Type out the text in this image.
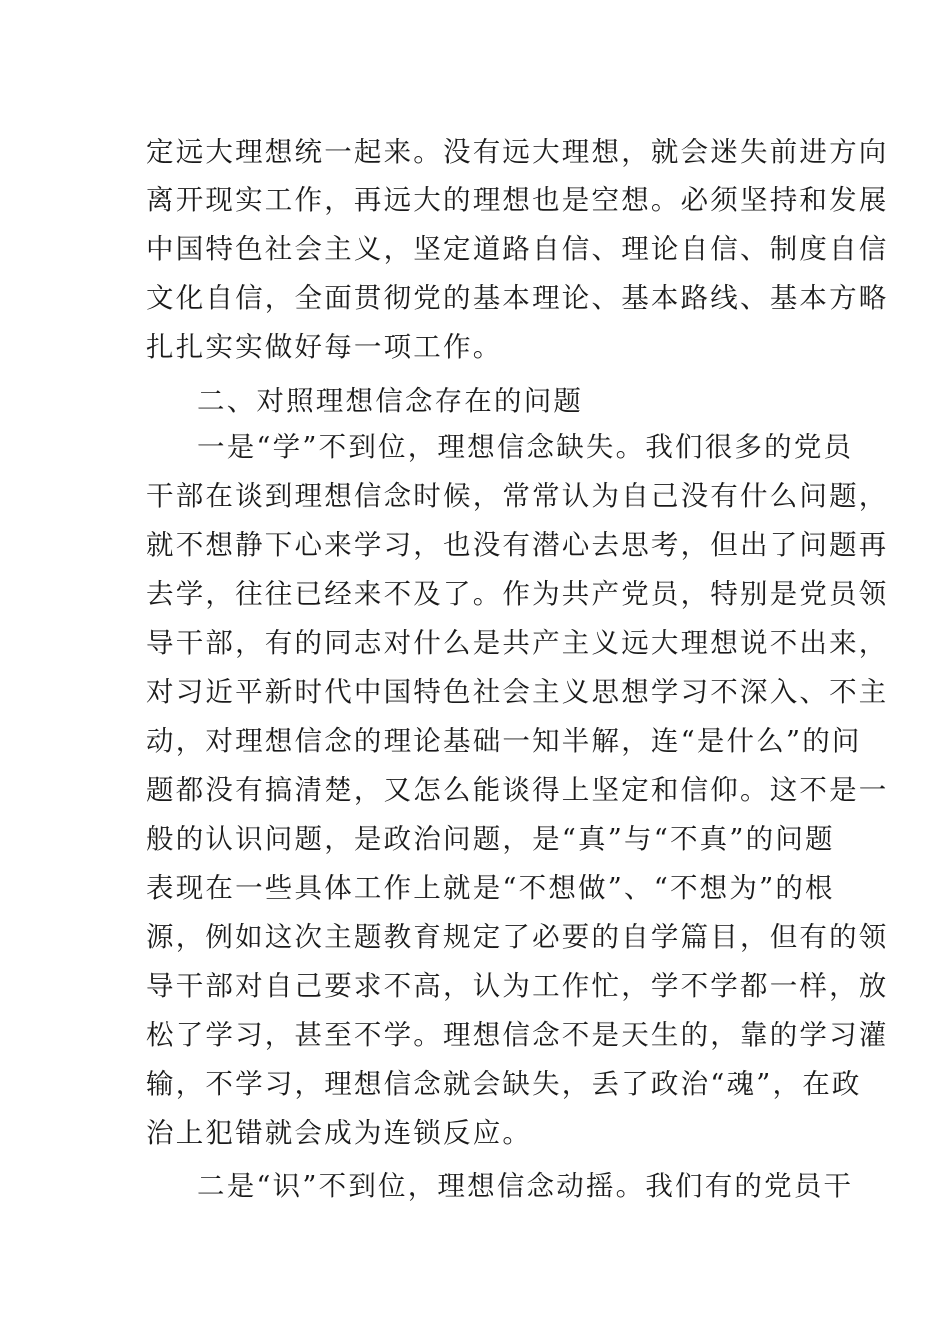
定远大理想统一起来。没有远大理想，就会迷失前进方向
离开现实工作，再远大的理想也是空想。必须坚持和发展
中国特色社会主义，坚定道路自信、理论自信、制度自信
文化自信，全面贯彻党的基本理论、基本路线、基本方略
扎扎实实做好每一项工作。
二、对照理想信念存在的问题
一是“学”不到位，理想信念缺失。我们很多的党员
干部在谈到理想信念时候，常常认为自己没有什么问题，
就不想静下心来学习，也没有潜心去思考，但出了问题再
去学，往往已经来不及了。作为共产党员，特别是党员领
导干部，有的同志对什么是共产主义远大理想说不出来，
对习近平新时代中国特色社会主义思想学习不深入、不主
动，对理想信念的理论基础一知半解，连“是什么”的问
题都没有搞清楚，又怎么能谈得上坚定和信仰。这不是一
般的认识问题，是政治问题，是“真”与“不真”的问题
表现在一些具体工作上就是“不想做”、“不想为”的根
源，例如这次主题教育规定了必要的自学篇目，但有的领
导干部对自己要求不高，认为工作忙，学不学都一样，放
松了学习，甚至不学。理想信念不是天生的，靠的学习灌
输，不学习，理想信念就会缺失，丢了政治“魂”，在政
治上犯错就会成为连锁反应。
二是“识”不到位，理想信念动摇。我们有的党员干
